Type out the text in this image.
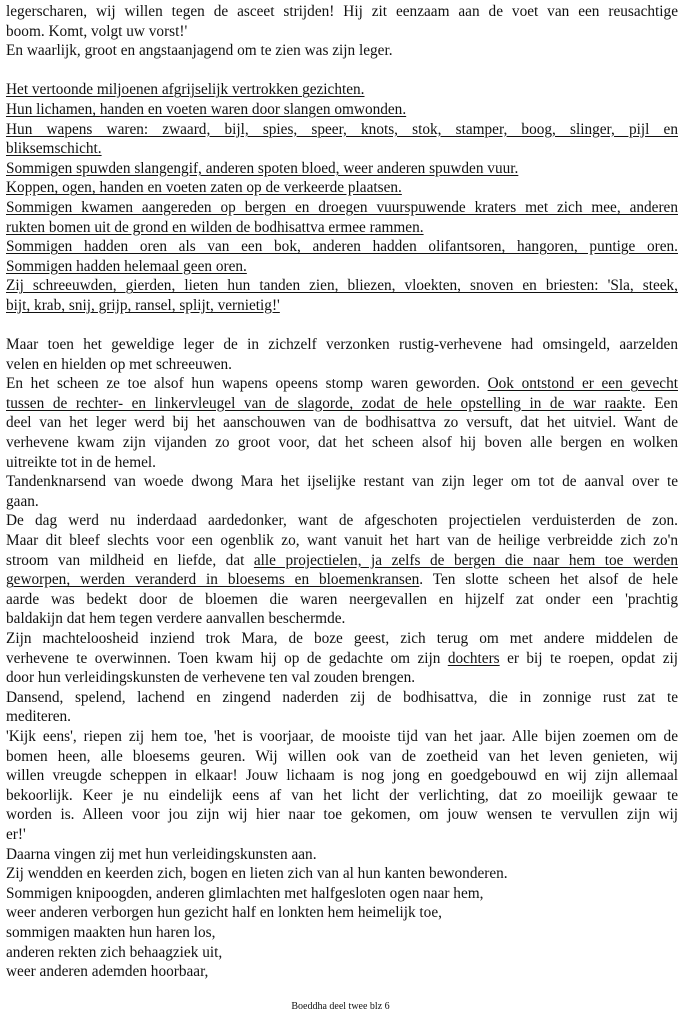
legerscharen, wij willen tegen de asceet strijden! Hij zit eenzaam aan de voet van een reusachtige
boom. Komt, volgt uw vorst!'
En waarlijk, groot en angstaanjagend om te zien was zijn leger.
Het vertoonde miljoenen afgrijselijk vertrokken gezichten.
Hun lichamen, handen en voeten waren door slangen omwonden.
Hun wapens waren: zwaard, bijl, spies, speer, knots, stok, stamper, boog, slinger, pijl en
bliksemschicht.
Sommigen spuwden slangengif, anderen spoten bloed, weer anderen spuwden vuur.
Koppen, ogen, handen en voeten zaten op de verkeerde plaatsen.
Sommigen kwamen aangereden op bergen en droegen vuurspuwende kraters met zich mee, anderen
rukten bomen uit de grond en wilden de bodhisattva ermee rammen.
Sommigen hadden oren als van een bok, anderen hadden olifantsoren, hangoren, puntige oren.
Sommigen hadden helemaal geen oren.
Zij schreeuwden, gierden, lieten hun tanden zien, bliezen, vloekten, snoven en briesten: 'Sla, steek,
bijt, krab, snij, grijp, ransel, splijt, vernietig!'
Maar toen het geweldige leger de in zichzelf verzonken rustig-verhevene had omsingeld, aarzelden
velen en hielden op met schreeuwen.
En het scheen ze toe alsof hun wapens opeens stomp waren geworden. Ook ontstond er een gevecht
tussen de rechter- en linkervleugel van de slagorde, zodat de hele opstelling in de war raakte. Een
deel van het leger werd bij het aanschouwen van de bodhisattva zo versuft, dat het uitviel. Want de
verhevene kwam zijn vijanden zo groot voor, dat het scheen alsof hij boven alle bergen en wolken
uitreikte tot in de hemel.
Tandenknarsend van woede dwong Mara het ijselijke restant van zijn leger om tot de aanval over te
gaan.
De dag werd nu inderdaad aardedonker, want de afgeschoten projectielen verduisterden de zon.
Maar dit bleef slechts voor een ogenblik zo, want vanuit het hart van de heilige verbreidde zich zo'n
stroom van mildheid en liefde, dat alle projectielen, ja zelfs de bergen die naar hem toe werden
geworpen, werden veranderd in bloesems en bloemenkransen. Ten slotte scheen het alsof de hele
aarde was bedekt door de bloemen die waren neergevallen en hijzelf zat onder een 'prachtig
baldakijn dat hem tegen verdere aanvallen beschermde.
Zijn machteloosheid inziend trok Mara, de boze geest, zich terug om met andere middelen de
verhevene te overwinnen. Toen kwam hij op de gedachte om zijn dochters er bij te roepen, opdat zij
door hun verleidingskunsten de verhevene ten val zouden brengen.
Dansend, spelend, lachend en zingend naderden zij de bodhisattva, die in zonnige rust zat te
mediteren.
'Kijk eens', riepen zij hem toe, 'het is voorjaar, de mooiste tijd van het jaar. Alle bijen zoemen om de
bomen heen, alle bloesems geuren. Wij willen ook van de zoetheid van het leven genieten, wij
willen vreugde scheppen in elkaar! Jouw lichaam is nog jong en goedgebouwd en wij zijn allemaal
bekoorlijk. Keer je nu eindelijk eens af van het licht der verlichting, dat zo moeilijk gewaar te
worden is. Alleen voor jou zijn wij hier naar toe gekomen, om jouw wensen te vervullen zijn wij
er!'
Daarna vingen zij met hun verleidingskunsten aan.
Zij wendden en keerden zich, bogen en lieten zich van al hun kanten bewonderen.
Sommigen knipoogden, anderen glimlachten met halfgesloten ogen naar hem,
weer anderen verborgen hun gezicht half en lonkten hem heimelijk toe,
sommigen maakten hun haren los,
anderen rekten zich behaagziek uit,
weer anderen ademden hoorbaar,
Boeddha deel twee blz 6
